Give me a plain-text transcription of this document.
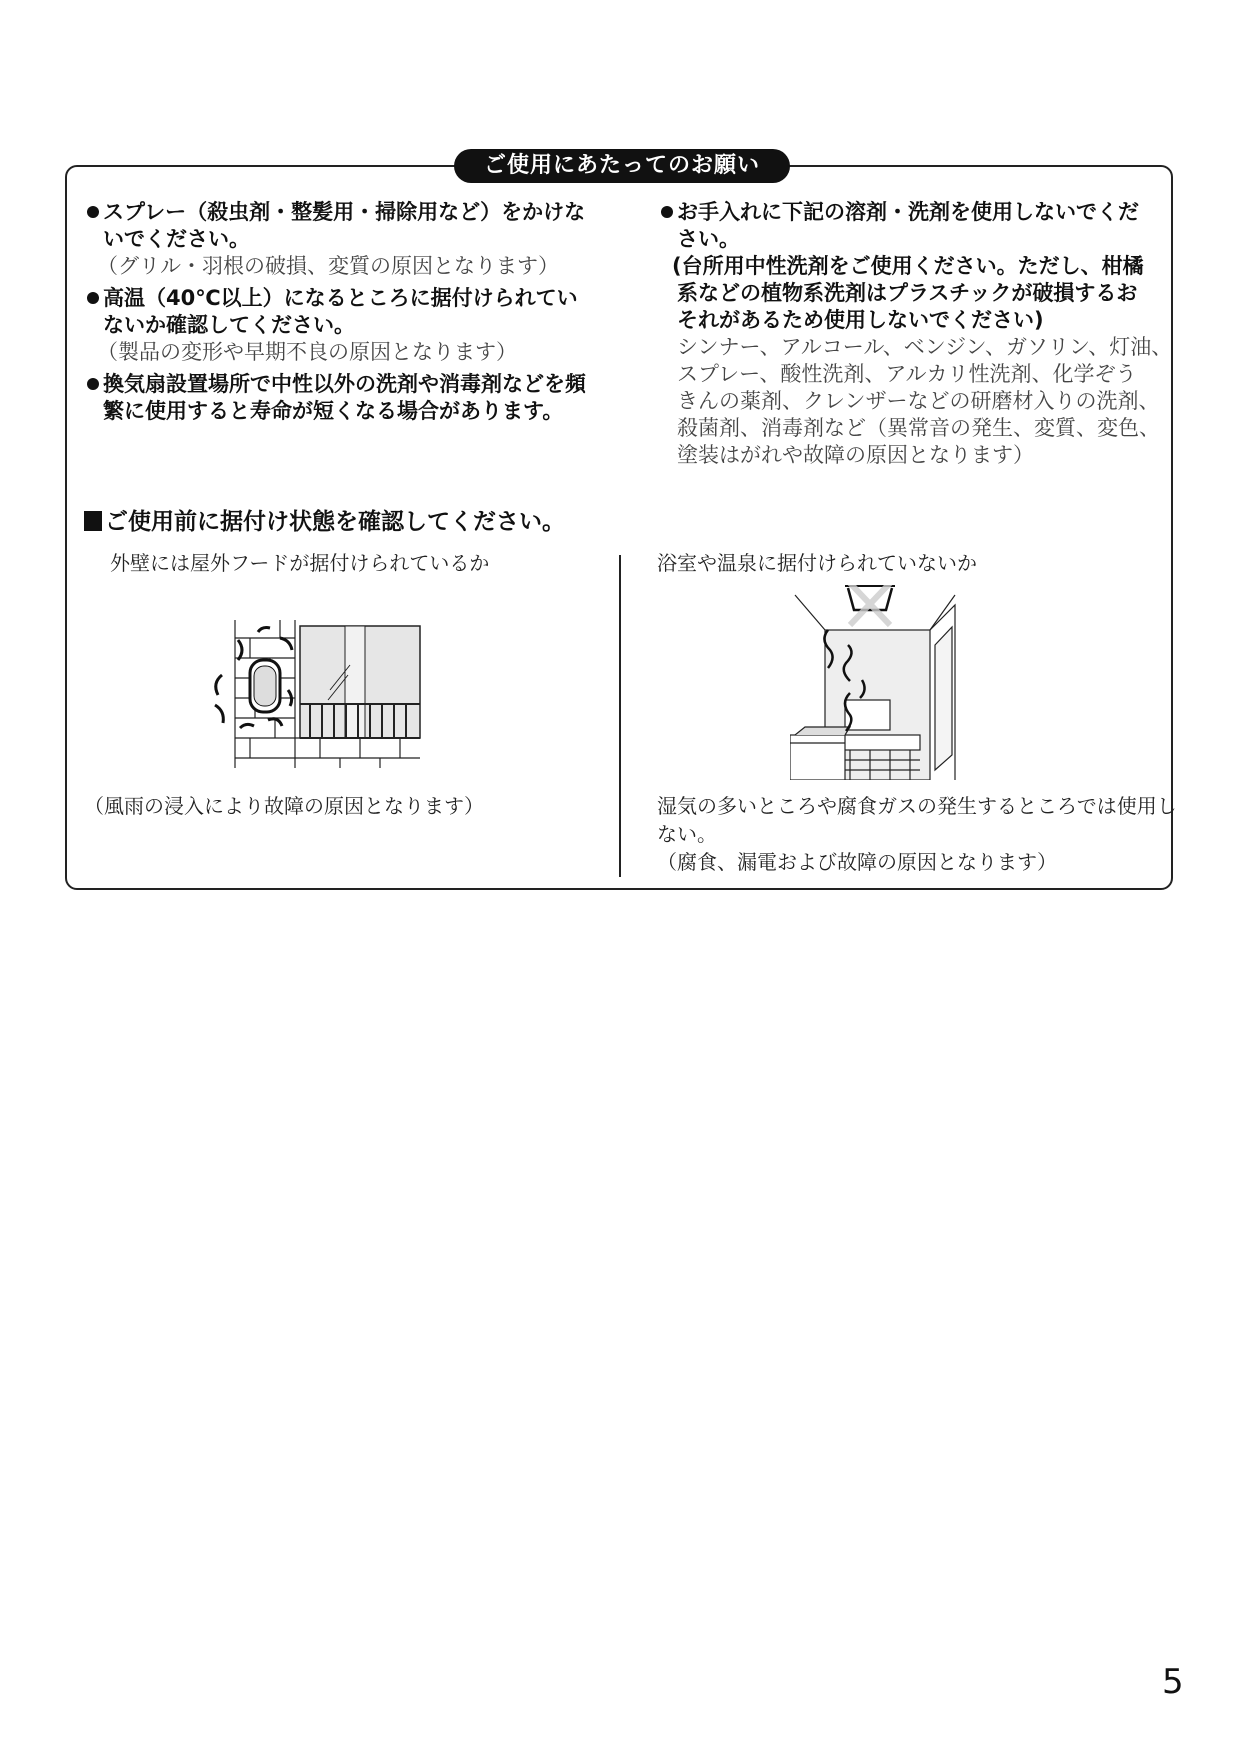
ご使用にあたってのお願い
スプレー（殺虫剤・整髪用・掃除用など）をかけな
いでください。
（グリル・羽根の破損、変質の原因となります）
高温（40℃以上）になるところに据付けられてい
ないか確認してください。
（製品の変形や早期不良の原因となります）
換気扇設置場所で中性以外の洗剤や消毒剤などを頻
繁に使用すると寿命が短くなる場合があります。
お手入れに下記の溶剤・洗剤を使用しないでくだ
さい。
(台所用中性洗剤をご使用ください。ただし、柑橘
系などの植物系洗剤はプラスチックが破損するお
それがあるため使用しないでください)
シンナー、アルコール、ベンジン、ガソリン、灯油、
スプレー、酸性洗剤、アルカリ性洗剤、化学ぞう
きんの薬剤、クレンザーなどの研磨材入りの洗剤、
殺菌剤、消毒剤など（異常音の発生、変質、変色、
塗装はがれや故障の原因となります）
ご使用前に据付け状態を確認してください。
外壁には屋外フードが据付けられているか	浴室や温泉に据付けられていないか
（風雨の浸入により故障の原因となります）	湿気の多いところや腐食ガスの発生するところでは使用し
ない。
（腐食、漏電および故障の原因となります）
5
